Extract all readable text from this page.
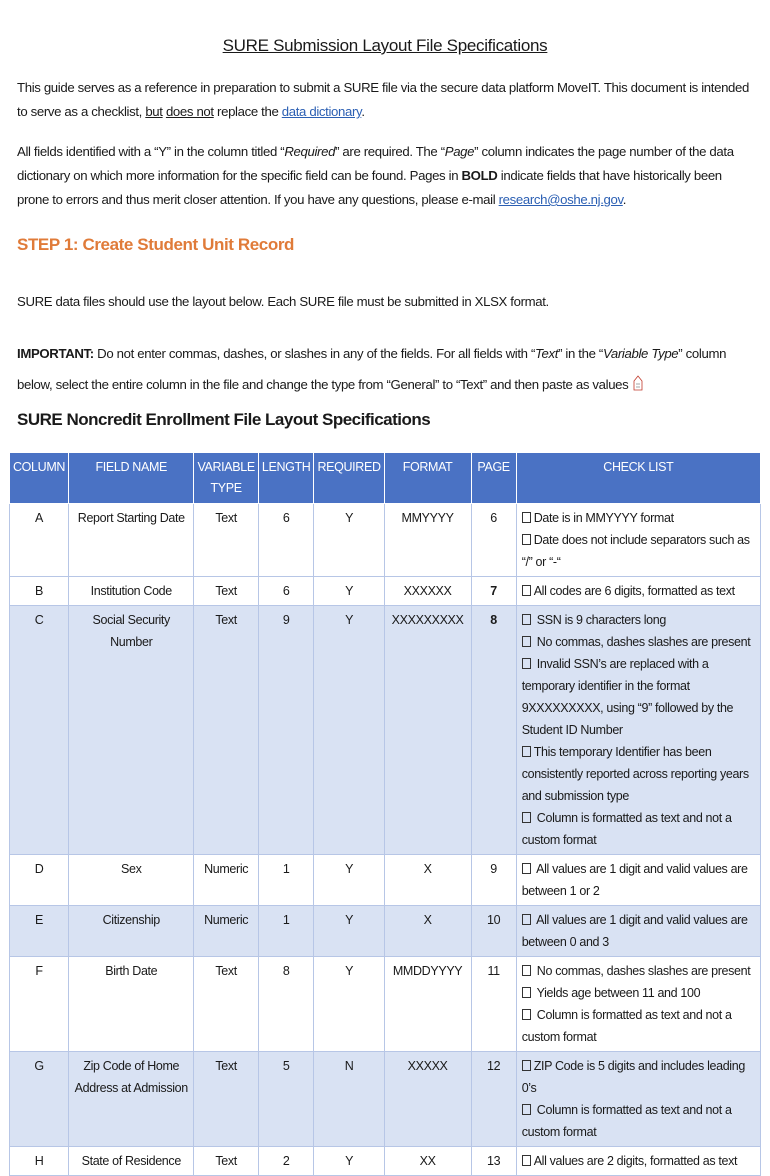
SURE Submission Layout File Specifications
This guide serves as a reference in preparation to submit a SURE file via the secure data platform MoveIT. This document is intended to serve as a checklist, but does not replace the data dictionary.
All fields identified with a “Y” in the column titled “Required” are required. The “Page” column indicates the page number of the data dictionary on which more information for the specific field can be found. Pages in BOLD indicate fields that have historically been prone to errors and thus merit closer attention. If you have any questions, please e-mail research@oshe.nj.gov.
STEP 1: Create Student Unit Record
SURE data files should use the layout below. Each SURE file must be submitted in XLSX format.
IMPORTANT: Do not enter commas, dashes, or slashes in any of the fields. For all fields with “Text” in the “Variable Type” column below, select the entire column in the file and change the type from “General” to “Text” and then paste as values
SURE Noncredit Enrollment File Layout Specifications
COLUMN	FIELD NAME	VARIABLE TYPE	LENGTH	REQUIRED	FORMAT	PAGE	CHECK LIST
A	Report Starting Date	Text	6	Y	MMYYYY	6	Date is in MMYYYY format
Date does not include separators such as “/” or “-“

B	Institution Code	Text	6	Y	XXXXXX	7	All codes are 6 digits, formatted as text

C	Social Security Number	Text	9	Y	XXXXXXXXX	8	SSN is 9 characters long
No commas, dashes slashes are present
Invalid SSN’s are replaced with a temporary identifier in the format 9XXXXXXXXX, using “9” followed by the Student ID Number
This temporary Identifier has been consistently reported across reporting years and submission type
Column is formatted as text and not a custom format

D	Sex	Numeric	1	Y	X	9	All values are 1 digit and valid values are between 1 or 2

E	Citizenship	Numeric	1	Y	X	10	All values are 1 digit and valid values are between 0 and 3

F	Birth Date	Text	8	Y	MMDDYYYY	11	No commas, dashes slashes are present
Yields age between 11 and 100
Column is formatted as text and not a custom format

G	Zip Code of Home Address at Admission	Text	5	N	XXXXX	12	ZIP Code is 5 digits and includes leading 0’s
Column is formatted as text and not a custom format

H	State of Residence	Text	2	Y	XX	13	All values are 2 digits, formatted as text
